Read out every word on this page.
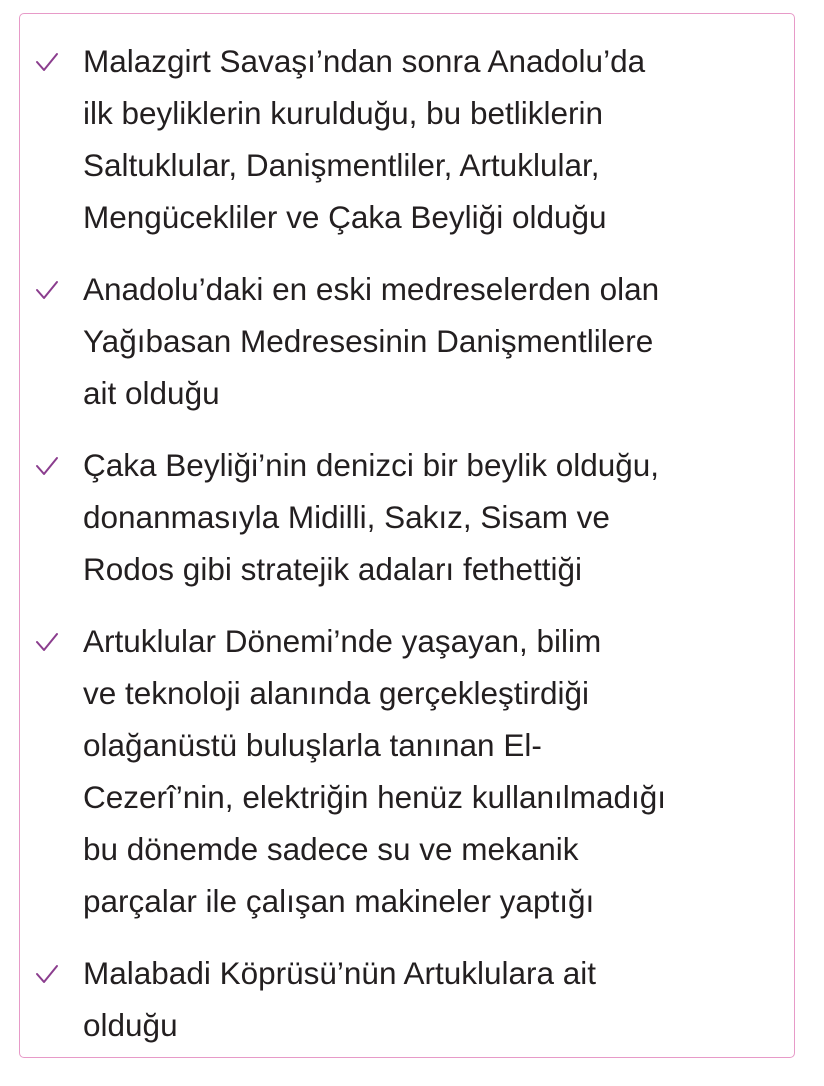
Malazgirt Savaşı’ndan sonra Anadolu’da
ilk beyliklerin kurulduğu, bu betliklerin
Saltuklular, Danişmentliler, Artuklular,
Mengücekliler ve Çaka Beyliği olduğu
Anadolu’daki en eski medreselerden olan
Yağıbasan Medresesinin Danişmentlilere
ait olduğu
Çaka Beyliği’nin denizci bir beylik olduğu,
donanmasıyla Midilli, Sakız, Sisam ve
Rodos gibi stratejik adaları fethettiği
Artuklular Dönemi’nde yaşayan, bilim
ve teknoloji alanında gerçekleştirdiği
olağanüstü buluşlarla tanınan El-
Cezerî’nin, elektriğin henüz kullanılmadığı
bu dönemde sadece su ve mekanik
parçalar ile çalışan makineler yaptığı
Malabadi Köprüsü’nün Artuklulara ait
olduğu
